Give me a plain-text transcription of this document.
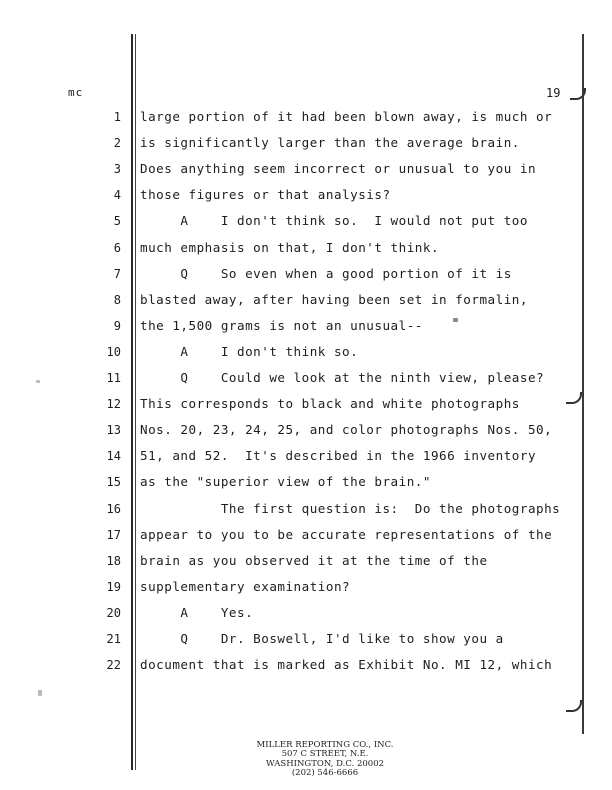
mc	19
1 large portion of it had been blown away, is much or
2 is significantly larger than the average brain.
3 Does anything seem incorrect or unusual to you in
4 those figures or that analysis?
5 A    I don't think so.  I would not put too
6 much emphasis on that, I don't think.
7 Q    So even when a good portion of it is
8 blasted away, after having been set in formalin,
9 the 1,500 grams is not an unusual--
10 A    I don't think so.
11 Q    Could we look at the ninth view, please?
12 This corresponds to black and white photographs
13 Nos. 20, 23, 24, 25, and color photographs Nos. 50,
14 51, and 52.  It's described in the 1966 inventory
15 as the "superior view of the brain."
16 The first question is:  Do the photographs
17 appear to you to be accurate representations of the
18 brain as you observed it at the time of the
19 supplementary examination?
20 A    Yes.
21 Q    Dr. Boswell, I'd like to show you a
22 document that is marked as Exhibit No. MI 12, which
MILLER REPORTING CO., INC.
507 C STREET, N.E.
WASHINGTON, D.C. 20002
(202) 546-6666
